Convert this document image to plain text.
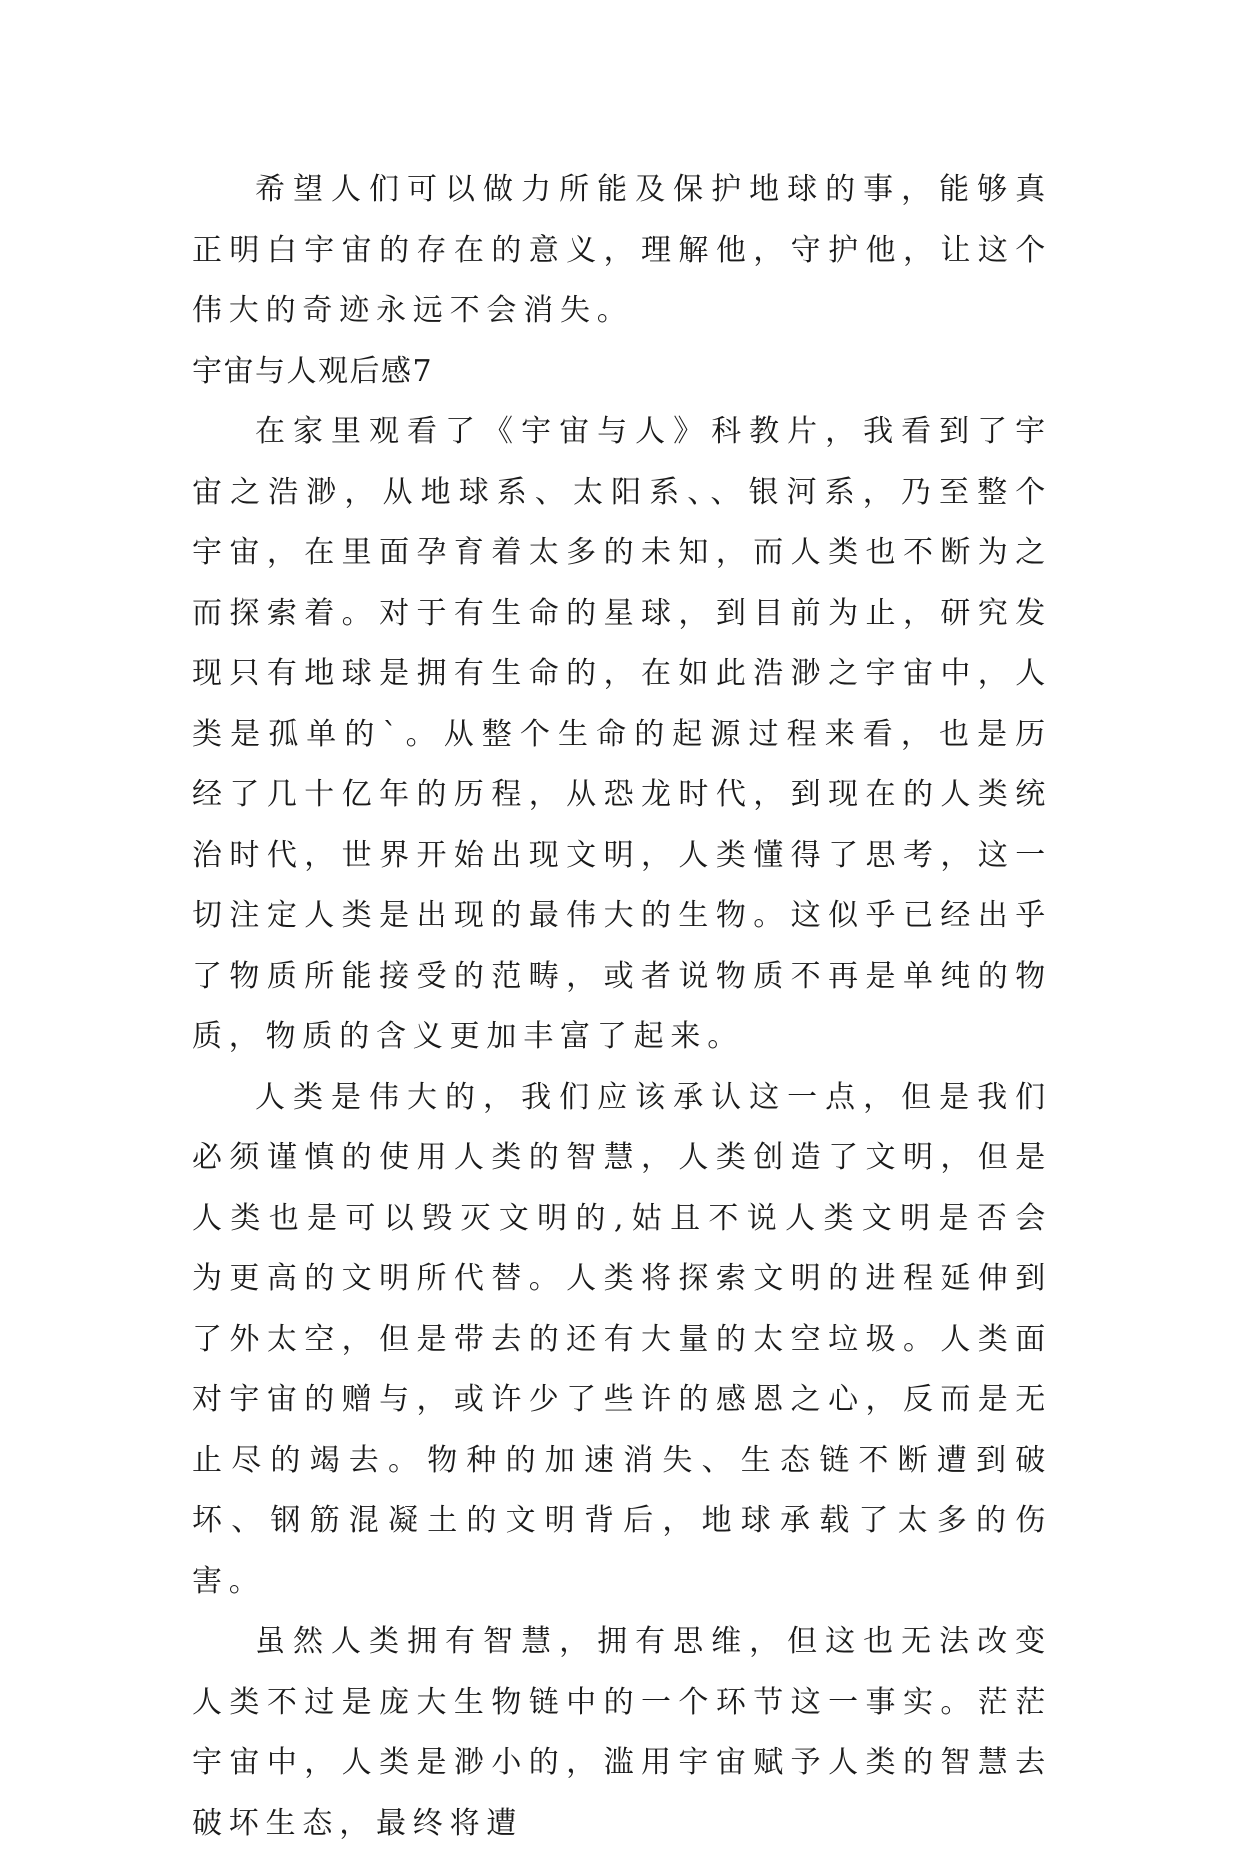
希望人们可以做力所能及保护地球的事，能够真正明白宇宙的存在的意义，理解他，守护他，让这个伟大的奇迹永远不会消失。

宇宙与人观后感7

在家里观看了《宇宙与人》科教片，我看到了宇宙之浩渺，从地球系、太阳系、、银河系，乃至整个宇宙，在里面孕育着太多的未知，而人类也不断为之而探索着。对于有生命的星球，到目前为止，研究发现只有地球是拥有生命的，在如此浩渺之宇宙中，人类是孤单的`。从整个生命的起源过程来看，也是历经了几十亿年的历程，从恐龙时代，到现在的人类统治时代，世界开始出现文明，人类懂得了思考，这一切注定人类是出现的最伟大的生物。这似乎已经出乎了物质所能接受的范畴，或者说物质不再是单纯的物质，物质的含义更加丰富了起来。

人类是伟大的，我们应该承认这一点，但是我们必须谨慎的使用人类的智慧，人类创造了文明，但是人类也是可以毁灭文明的,姑且不说人类文明是否会为更高的文明所代替。人类将探索文明的进程延伸到了外太空，但是带去的还有大量的太空垃圾。人类面对宇宙的赠与，或许少了些许的感恩之心，反而是无止尽的竭去。物种的加速消失、生态链不断遭到破坏、钢筋混凝土的文明背后，地球承载了太多的伤害。

虽然人类拥有智慧，拥有思维，但这也无法改变人类不过是庞大生物链中的一个环节这一事实。茫茫宇宙中，人类是渺小的，滥用宇宙赋予人类的智慧去破坏生态，最终将遭
